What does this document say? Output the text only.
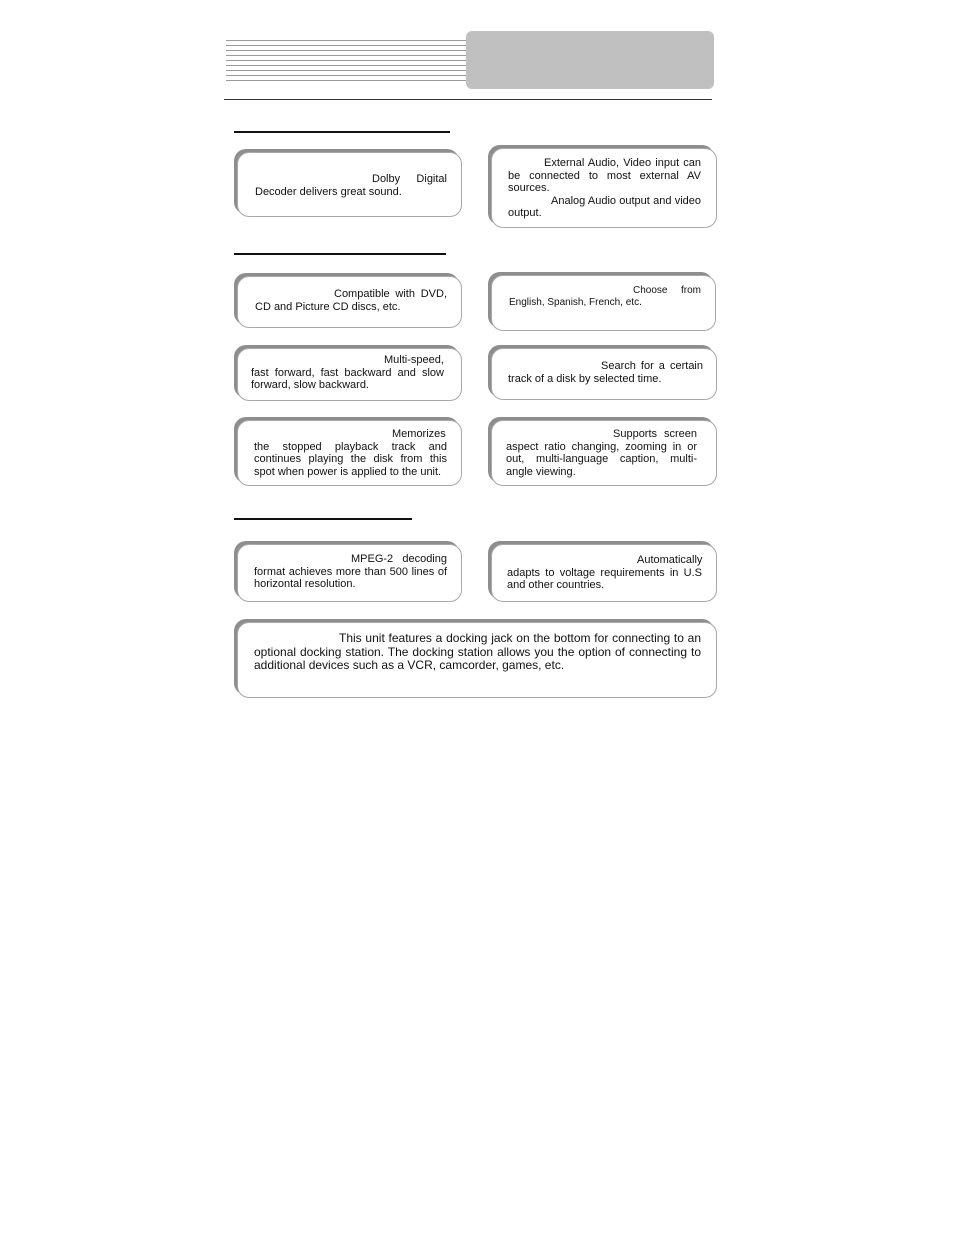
Dolby Digital Decoder delivers great sound.

External Audio, Video input can be connected to most external AV sources.

Analog Audio output and video output.

Compatible with DVD, CD and Picture CD discs, etc.

Choose from English, Spanish, French, etc.

Multi-speed, fast forward, fast backward and slow forward, slow backward.

Search for a certain track of a disk by selected time.

Memorizes the stopped playback track and continues playing the disk from this spot when power is applied to the unit.

Supports screen aspect ratio changing, zooming in or out, multi-language caption, multi-angle viewing.

MPEG-2 decoding format achieves more than 500 lines of horizontal resolution.

Automatically adapts to voltage requirements in U.S and other countries.

This unit features a docking jack on the bottom for connecting to an optional docking station. The docking station allows you the option of connecting to additional devices such as a VCR, camcorder, games, etc.
